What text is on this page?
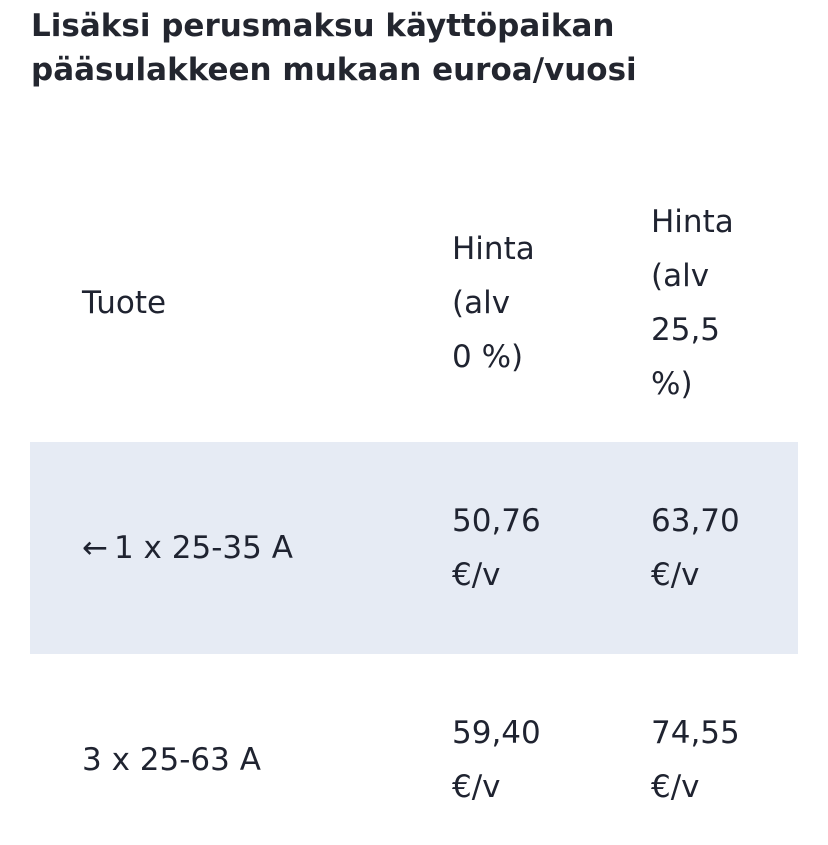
Lisäksi perusmaksu käyttöpaikan
pääsulakkeen mukaan euroa/vuosi
Tuote
Hinta
(alv
0 %)
Hinta
(alv
25,5
%)
← 1 x 25-35 A
50,76
€/v
63,70
€/v
3 x 25-63 A
59,40
€/v
74,55
€/v
